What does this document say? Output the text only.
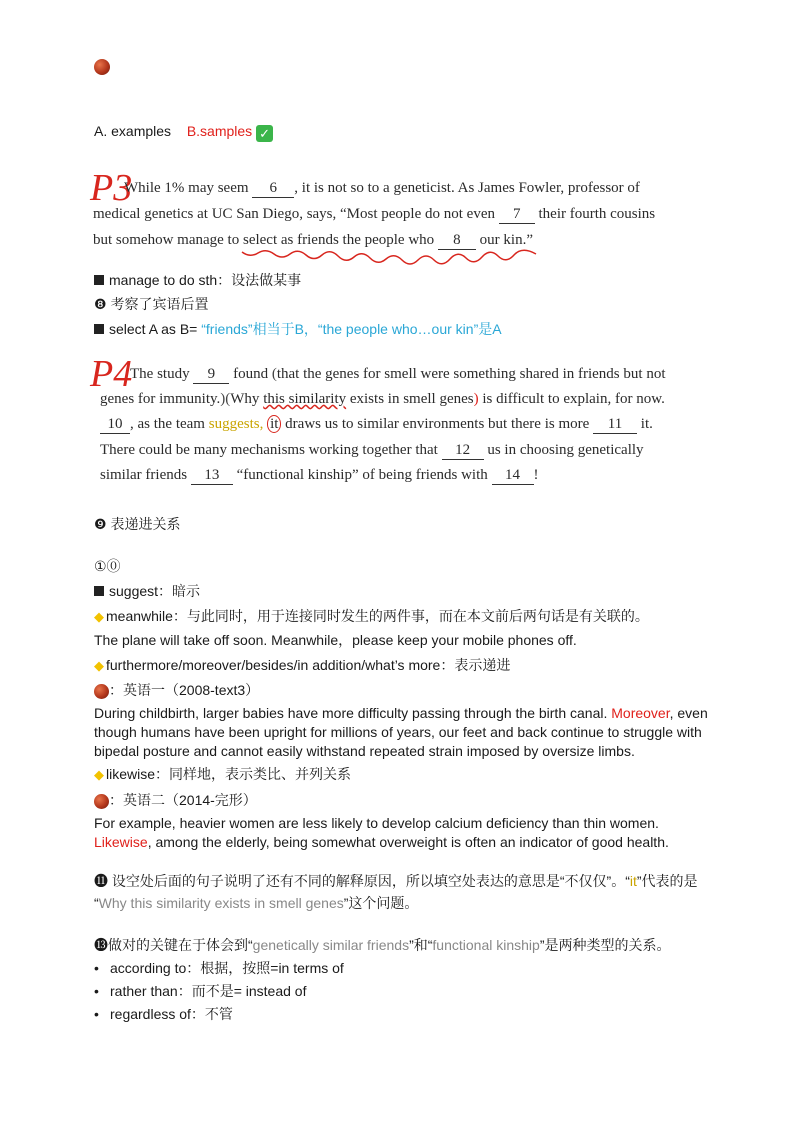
A. examples B.samples ✓
P3
While 1% may seem 6 , it is not so to a geneticist. As James Fowler, professor of
medical genetics at UC San Diego, says, “Most people do not even 7 their fourth cousins
but somehow manage to select as friends the people who 8 our kin.”
manage to do sth：设法做某事
❽ 考察了宾语后置
select A as B= “friends”相当于B，“the people who…our kin”是A
P4
The study 9 found (that the genes for smell were something shared in friends but not
genes for immunity.)(Why this similarity exists in smell genes) is difficult to explain, for now.
10 , as the team suggests, it draws us to similar environments but there is more 11 it.
There could be many mechanisms working together that 12 us in choosing genetically
similar friends 13 “functional kinship” of being friends with 14 !
❾ 表递进关系
①⓪
suggest：暗示
◆ meanwhile：与此同时，用于连接同时发生的两件事，而在本文前后两句话是有关联的。
The plane will take off soon. Meanwhile，please keep your mobile phones off.
◆ furthermore/moreover/besides/in addition/what’s more：表示递进
：英语一（2008-text3）
During childbirth, larger babies have more difficulty passing through the birth canal. Moreover, even
though humans have been upright for millions of years, our feet and back continue to struggle with
bipedal posture and cannot easily withstand repeated strain imposed by oversize limbs.
◆ likewise：同样地，表示类比、并列关系
：英语二（2014-完形）
For example, heavier women are less likely to develop calcium deficiency than thin women.
Likewise, among the elderly, being somewhat overweight is often an indicator of good health.
⓫ 设空处后面的句子说明了还有不同的解释原因，所以填空处表达的意思是“不仅仅”。“it”代表的是
“Why this similarity exists in smell genes”这个问题。
⓭做对的关键在于体会到“genetically similar friends”和“functional kinship”是两种类型的关系。
• according to：根据，按照=in terms of
• rather than：而不是= instead of
• regardless of：不管
